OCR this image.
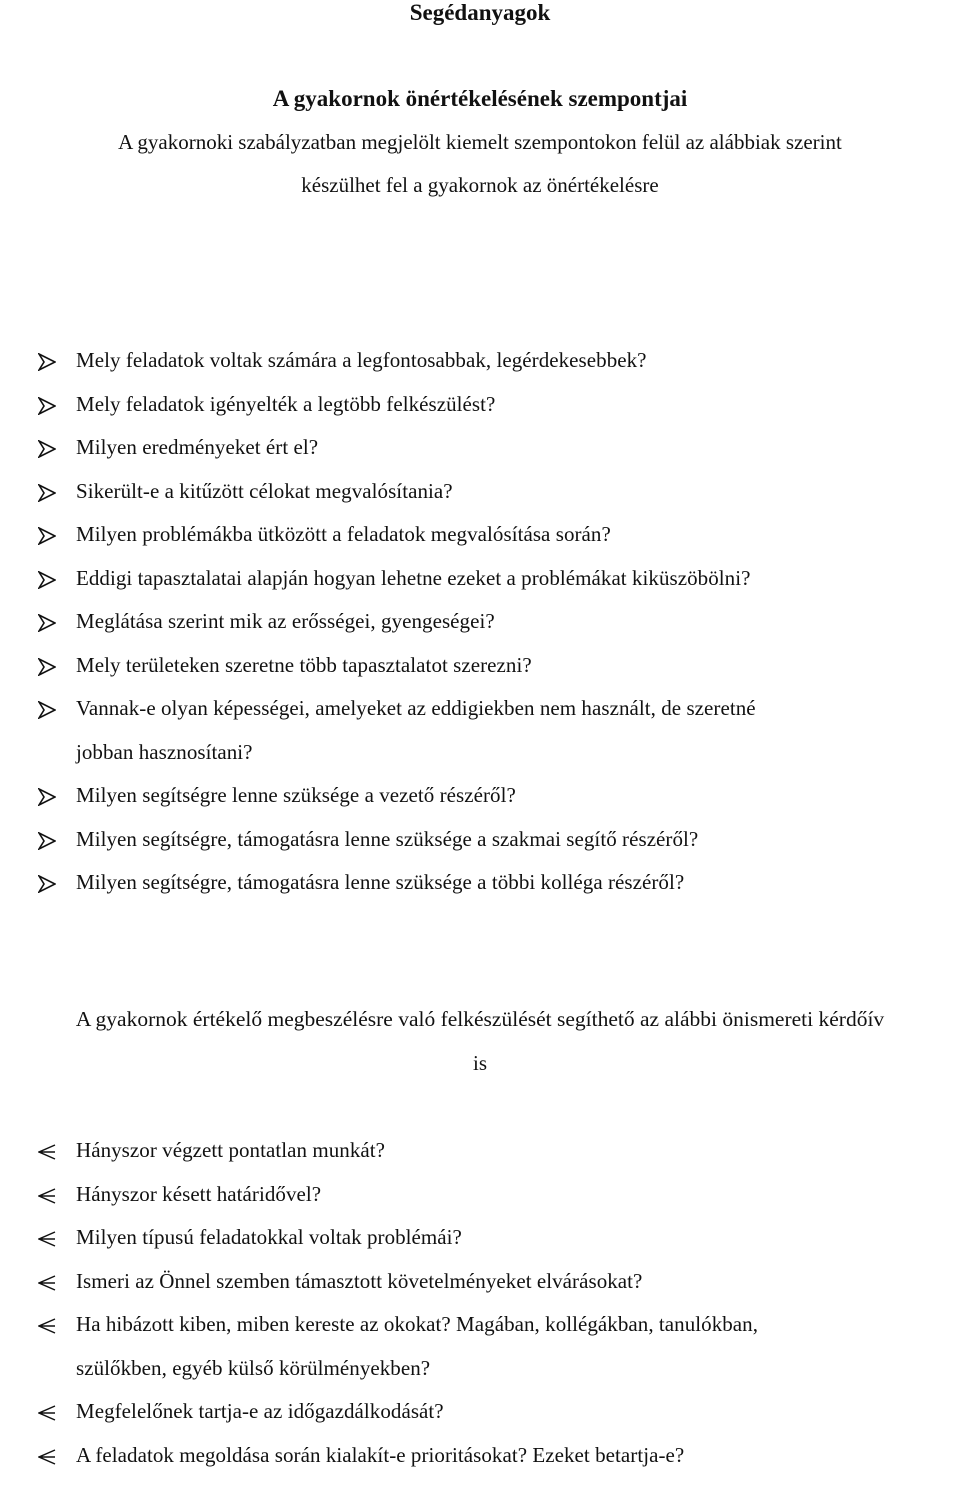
Segédanyagok
A gyakornok önértékelésének szempontjai
A gyakornoki szabályzatban megjelölt kiemelt szempontokon felül az alábbiak szerint
készülhet fel a gyakornok az önértékelésre
Mely feladatok voltak számára a legfontosabbak, legérdekesebbek?
Mely feladatok igényelték a legtöbb felkészülést?
Milyen eredményeket ért el?
Sikerült-e a kitűzött célokat megvalósítania?
Milyen problémákba ütközött a feladatok megvalósítása során?
Eddigi tapasztalatai alapján hogyan lehetne ezeket a problémákat kiküszöbölni?
Meglátása szerint mik az erősségei, gyengeségei?
Mely területeken szeretne több tapasztalatot szerezni?
Vannak-e olyan képességei, amelyeket az eddigiekben nem használt, de szeretné
jobban hasznosítani?
Milyen segítségre lenne szüksége a vezető részéről?
Milyen segítségre, támogatásra lenne szüksége a szakmai segítő részéről?
Milyen segítségre, támogatásra lenne szüksége a többi kolléga részéről?
A gyakornok értékelő megbeszélésre való felkészülését segíthető az alábbi önismereti kérdőív
is
Hányszor végzett pontatlan munkát?
Hányszor késett határidővel?
Milyen típusú feladatokkal voltak problémái?
Ismeri az Önnel szemben támasztott követelményeket elvárásokat?
Ha hibázott kiben, miben kereste az okokat? Magában, kollégákban, tanulókban,
szülőkben, egyéb külső körülményekben?
Megfelelőnek tartja-e az időgazdálkodását?
A feladatok megoldása során kialakít-e prioritásokat? Ezeket betartja-e?
